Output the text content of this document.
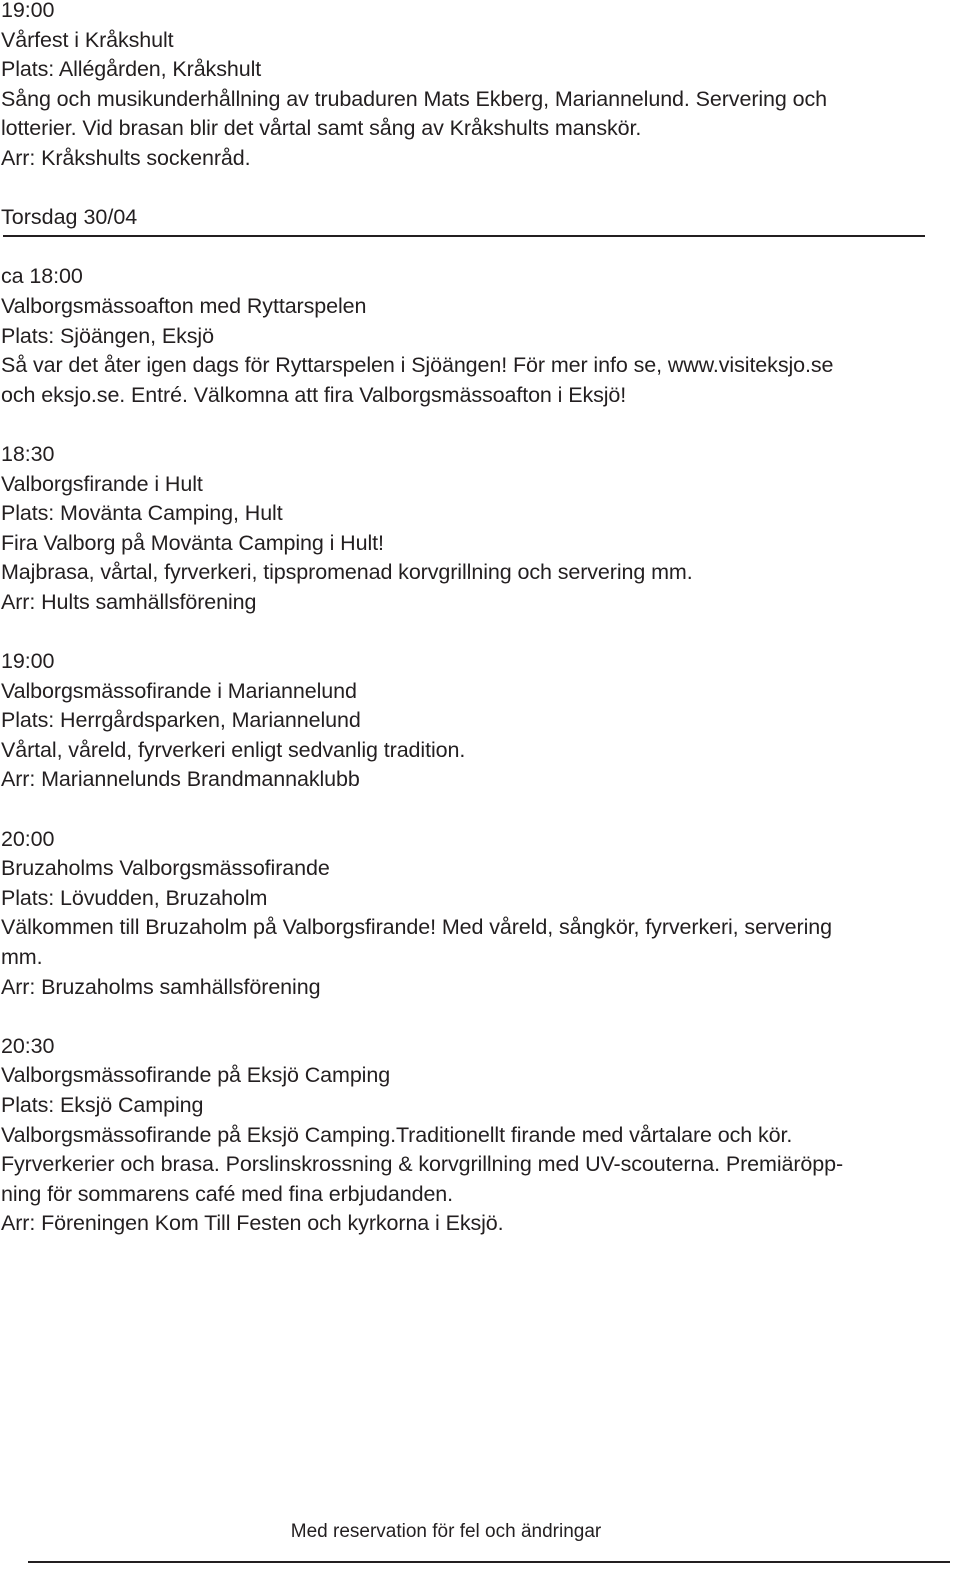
19:00
Vårfest i Kråkshult
Plats: Allégården, Kråkshult
Sång och musikunderhållning av trubaduren Mats Ekberg, Mariannelund. Servering och
lotterier. Vid brasan blir det vårtal samt sång av Kråkshults manskör.
Arr: Kråkshults sockenråd.
Torsdag 30/04
ca 18:00
Valborgsmässoafton med Ryttarspelen
Plats: Sjöängen, Eksjö
Så var det åter igen dags för Ryttarspelen i Sjöängen! För mer info se, www.visiteksjo.se
och eksjo.se. Entré. Välkomna att fira Valborgsmässoafton i Eksjö!
18:30
Valborgsfirande i Hult
Plats: Movänta Camping, Hult
Fira Valborg på Movänta Camping i Hult!
Majbrasa, vårtal, fyrverkeri, tipspromenad korvgrillning och servering mm.
Arr: Hults samhällsförening
19:00
Valborgsmässofirande i Mariannelund
Plats: Herrgårdsparken, Mariannelund
Vårtal, våreld, fyrverkeri enligt sedvanlig tradition.
Arr: Mariannelunds Brandmannaklubb
20:00
Bruzaholms Valborgsmässofirande
Plats: Lövudden, Bruzaholm
Välkommen till Bruzaholm på Valborgsfirande! Med våreld, sångkör, fyrverkeri, servering
mm.
Arr: Bruzaholms samhällsförening
20:30
Valborgsmässofirande på Eksjö Camping
Plats: Eksjö Camping
Valborgsmässofirande på Eksjö Camping.Traditionellt firande med vårtalare och kör.
Fyrverkerier och brasa. Porslinskrossning & korvgrillning med UV-scouterna. Premiäröpp-
ning för sommarens café med fina erbjudanden.
Arr: Föreningen Kom Till Festen och kyrkorna i Eksjö.
Med reservation för fel och ändringar
